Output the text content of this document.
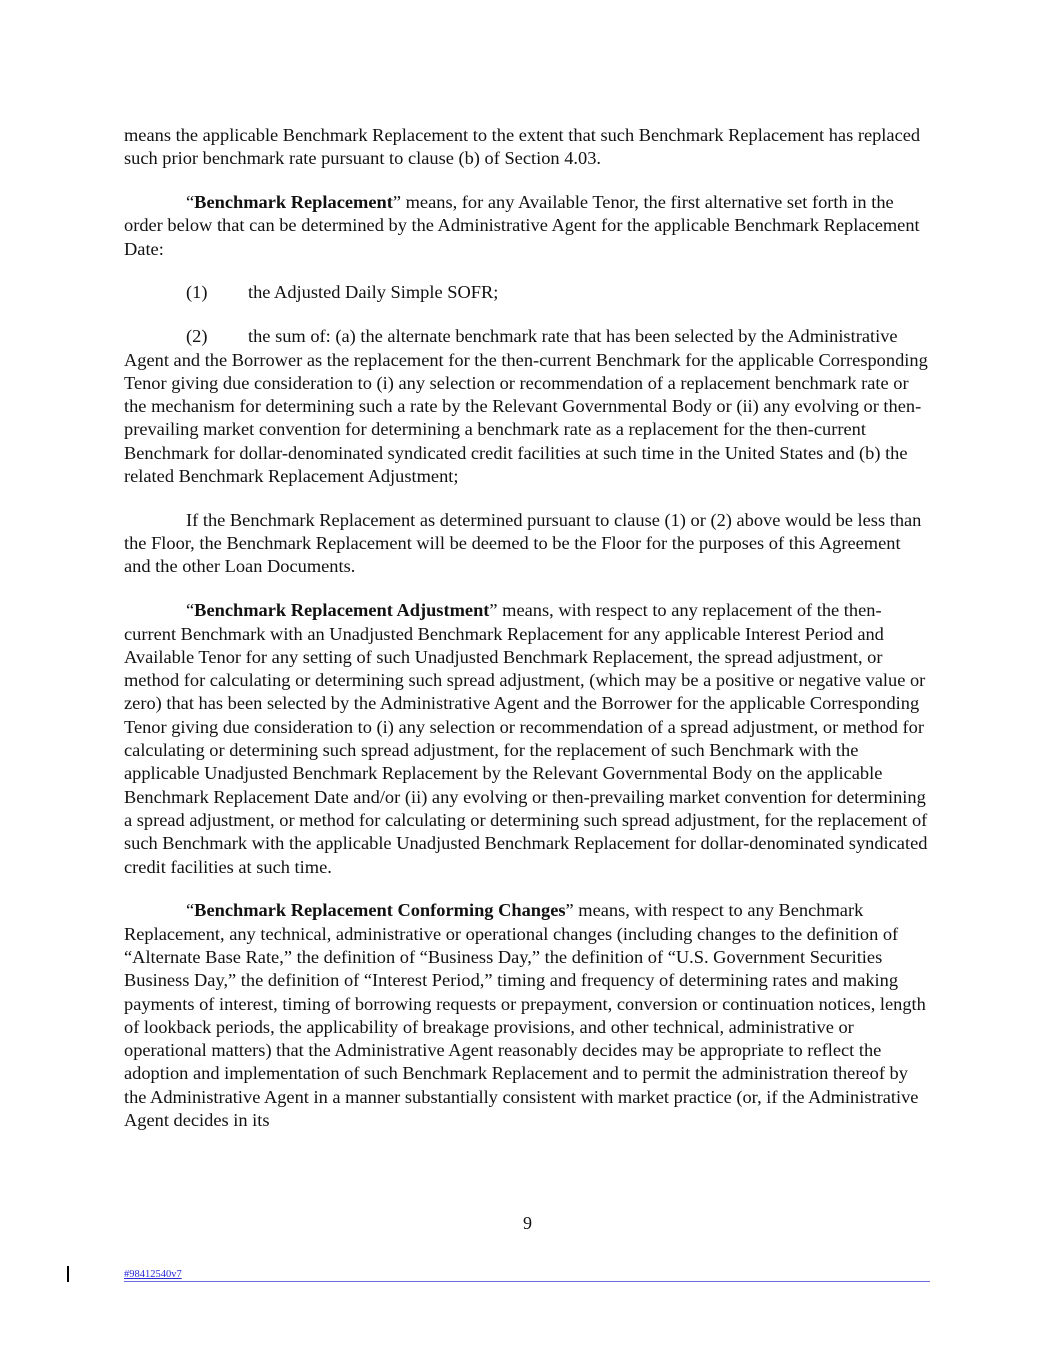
means the applicable Benchmark Replacement to the extent that such Benchmark Replacement has replaced such prior benchmark rate pursuant to clause (b) of Section 4.03.

“Benchmark Replacement” means, for any Available Tenor, the first alternative set forth in the order below that can be determined by the Administrative Agent for the applicable Benchmark Replacement Date:

(1) the Adjusted Daily Simple SOFR;

(2) the sum of: (a) the alternate benchmark rate that has been selected by the Administrative Agent and the Borrower as the replacement for the then-current Benchmark for the applicable Corresponding Tenor giving due consideration to (i) any selection or recommendation of a replacement benchmark rate or the mechanism for determining such a rate by the Relevant Governmental Body or (ii) any evolving or then-prevailing market convention for determining a benchmark rate as a replacement for the then-current Benchmark for dollar-denominated syndicated credit facilities at such time in the United States and (b) the related Benchmark Replacement Adjustment;

If the Benchmark Replacement as determined pursuant to clause (1) or (2) above would be less than the Floor, the Benchmark Replacement will be deemed to be the Floor for the purposes of this Agreement and the other Loan Documents.

“Benchmark Replacement Adjustment” means, with respect to any replacement of the then-current Benchmark with an Unadjusted Benchmark Replacement for any applicable Interest Period and Available Tenor for any setting of such Unadjusted Benchmark Replacement, the spread adjustment, or method for calculating or determining such spread adjustment, (which may be a positive or negative value or zero) that has been selected by the Administrative Agent and the Borrower for the applicable Corresponding Tenor giving due consideration to (i) any selection or recommendation of a spread adjustment, or method for calculating or determining such spread adjustment, for the replacement of such Benchmark with the applicable Unadjusted Benchmark Replacement by the Relevant Governmental Body on the applicable Benchmark Replacement Date and/or (ii) any evolving or then-prevailing market convention for determining a spread adjustment, or method for calculating or determining such spread adjustment, for the replacement of such Benchmark with the applicable Unadjusted Benchmark Replacement for dollar-denominated syndicated credit facilities at such time.

“Benchmark Replacement Conforming Changes” means, with respect to any Benchmark Replacement, any technical, administrative or operational changes (including changes to the definition of “Alternate Base Rate,” the definition of “Business Day,” the definition of “U.S. Government Securities Business Day,” the definition of “Interest Period,” timing and frequency of determining rates and making payments of interest, timing of borrowing requests or prepayment, conversion or continuation notices, length of lookback periods, the applicability of breakage provisions, and other technical, administrative or operational matters) that the Administrative Agent reasonably decides may be appropriate to reflect the adoption and implementation of such Benchmark Replacement and to permit the administration thereof by the Administrative Agent in a manner substantially consistent with market practice (or, if the Administrative Agent decides in its

9
#98412540v7
